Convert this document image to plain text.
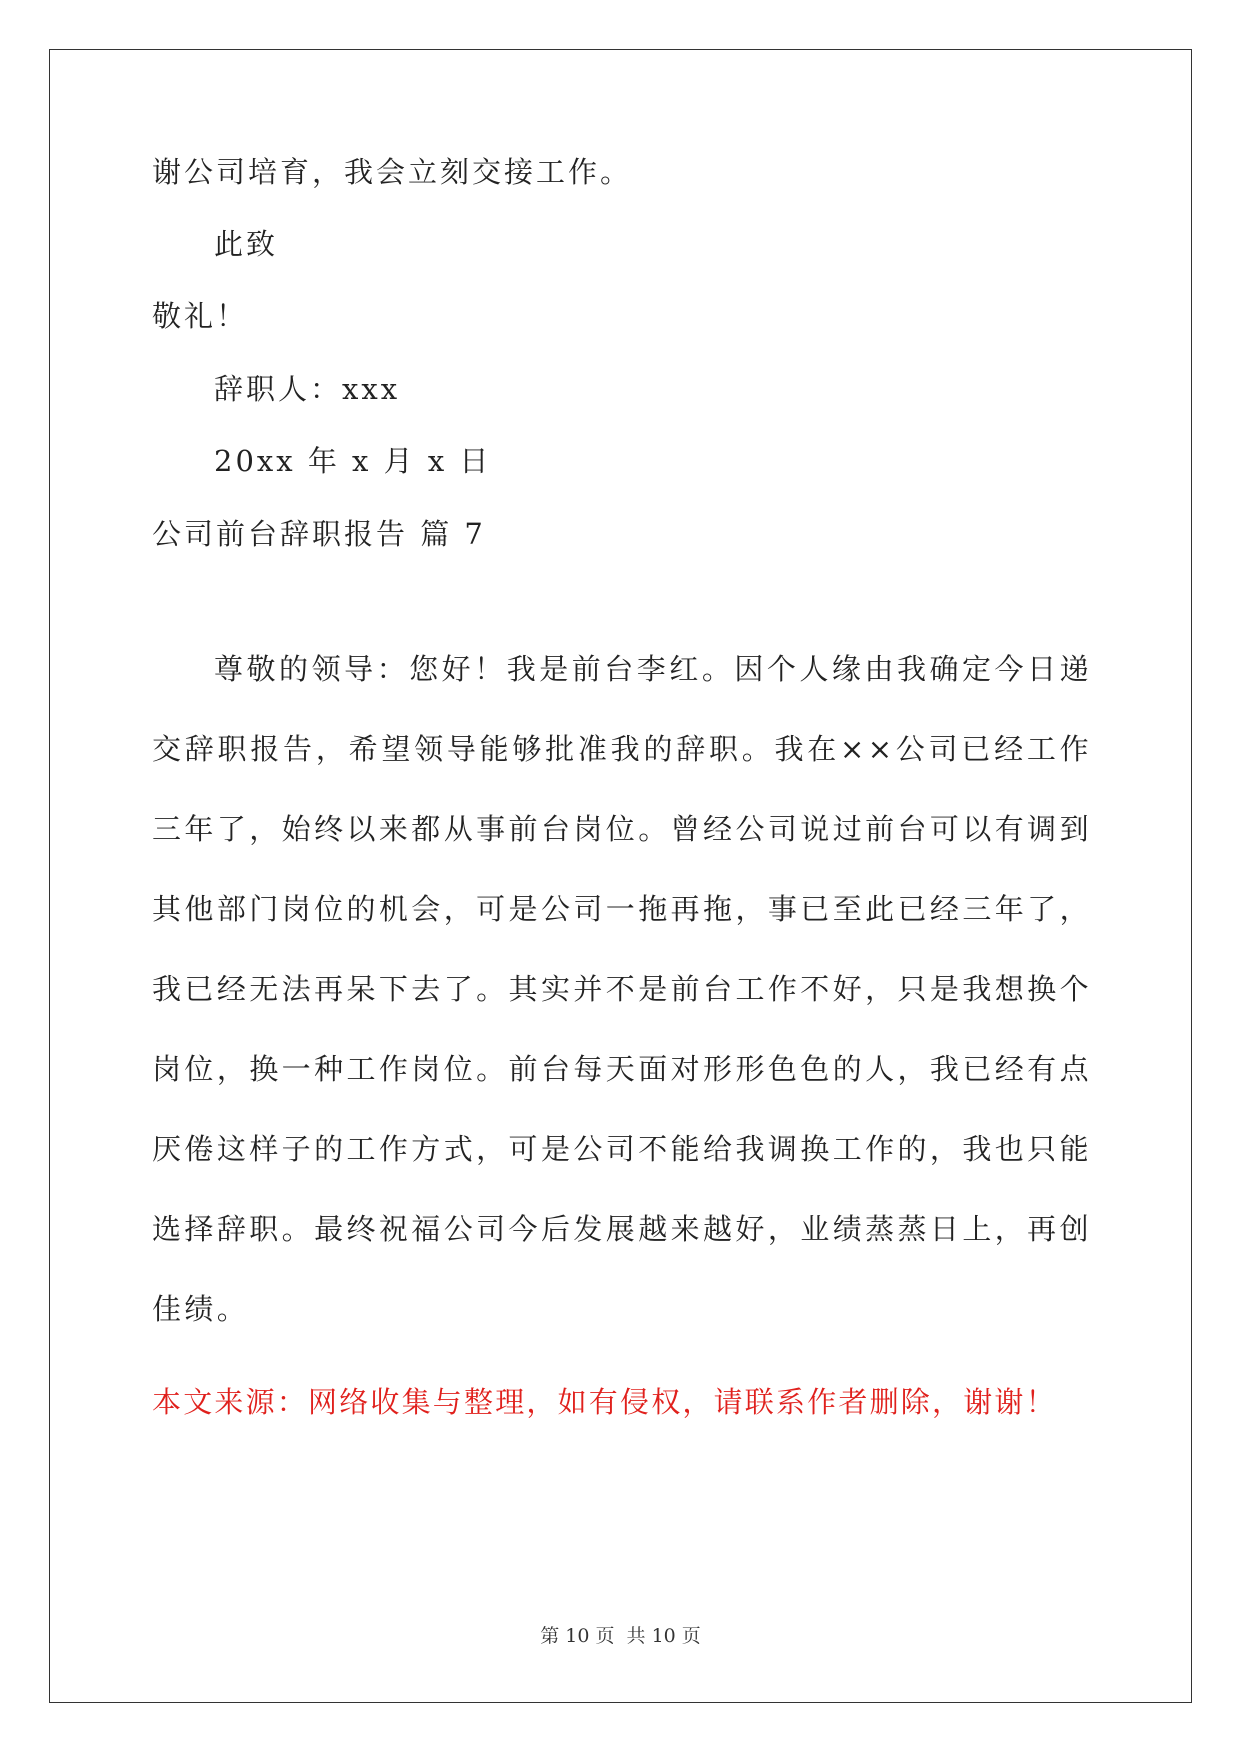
谢公司培育，我会立刻交接工作。
此致
敬礼！
辞职人：xxx
20xx 年 x 月 x 日
公司前台辞职报告 篇 7
尊敬的领导：您好！我是前台李红。因个人缘由我确定今日递交辞职报告，希望领导能够批准我的辞职。我在××公司已经工作三年了，始终以来都从事前台岗位。曾经公司说过前台可以有调到其他部门岗位的机会，可是公司一拖再拖，事已至此已经三年了，我已经无法再呆下去了。其实并不是前台工作不好，只是我想换个岗位，换一种工作岗位。前台每天面对形形色色的人，我已经有点厌倦这样子的工作方式，可是公司不能给我调换工作的，我也只能选择辞职。最终祝福公司今后发展越来越好，业绩蒸蒸日上，再创佳绩。
本文来源：网络收集与整理，如有侵权，请联系作者删除，谢谢！
第 10 页  共 10 页
